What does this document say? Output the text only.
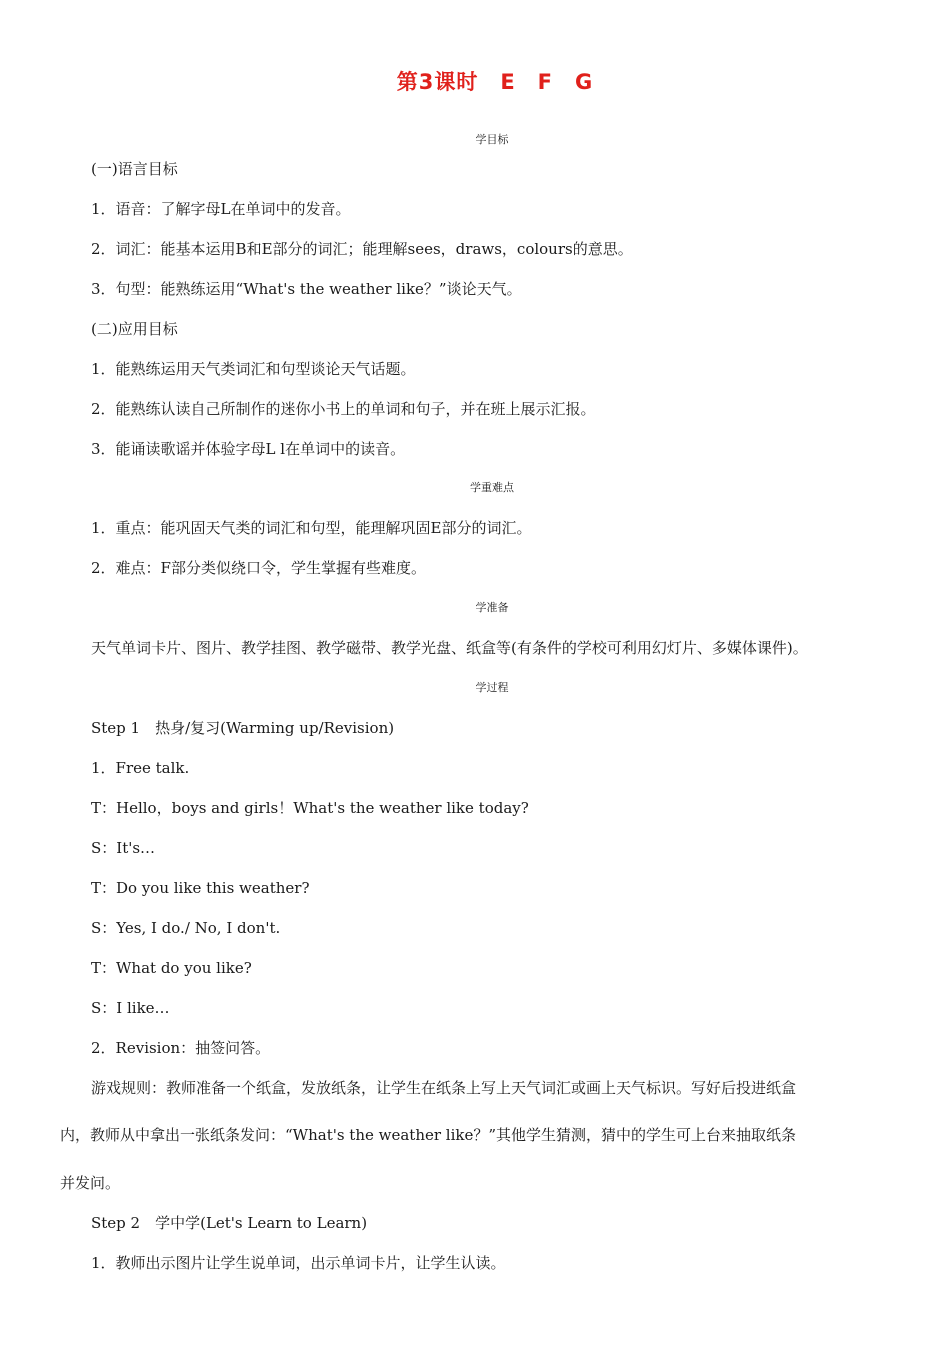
第3课时　E　F　G
学目标
(一)语言目标
1．语音：了解字母L在单词中的发音。
2．词汇：能基本运用B和E部分的词汇；能理解sees，draws，colours的意思。
3．句型：能熟练运用“What's the weather like？”谈论天气。
(二)应用目标
1．能熟练运用天气类词汇和句型谈论天气话题。
2．能熟练认读自己所制作的迷你小书上的单词和句子，并在班上展示汇报。
3．能诵读歌谣并体验字母L l在单词中的读音。
学重难点
1．重点：能巩固天气类的词汇和句型，能理解巩固E部分的词汇。
2．难点：F部分类似绕口令，学生掌握有些难度。
学准备
天气单词卡片、图片、教学挂图、教学磁带、教学光盘、纸盒等(有条件的学校可利用幻灯片、多媒体课件)。
学过程
Step 1　热身/复习(Warming up/Revision)
1．Free talk.
T：Hello，boys and girls！What's the weather like today?
S：It's…
T：Do you like this weather?
S：Yes, I do./ No, I don't.
T：What do you like?
S：I like…
2．Revision：抽签问答。
游戏规则：教师准备一个纸盒，发放纸条，让学生在纸条上写上天气词汇或画上天气标识。写好后投进纸盒
内，教师从中拿出一张纸条发问：“What's the weather like？”其他学生猜测，猜中的学生可上台来抽取纸条
并发问。
Step 2　学中学(Let's Learn to Learn)
1．教师出示图片让学生说单词，出示单词卡片，让学生认读。
